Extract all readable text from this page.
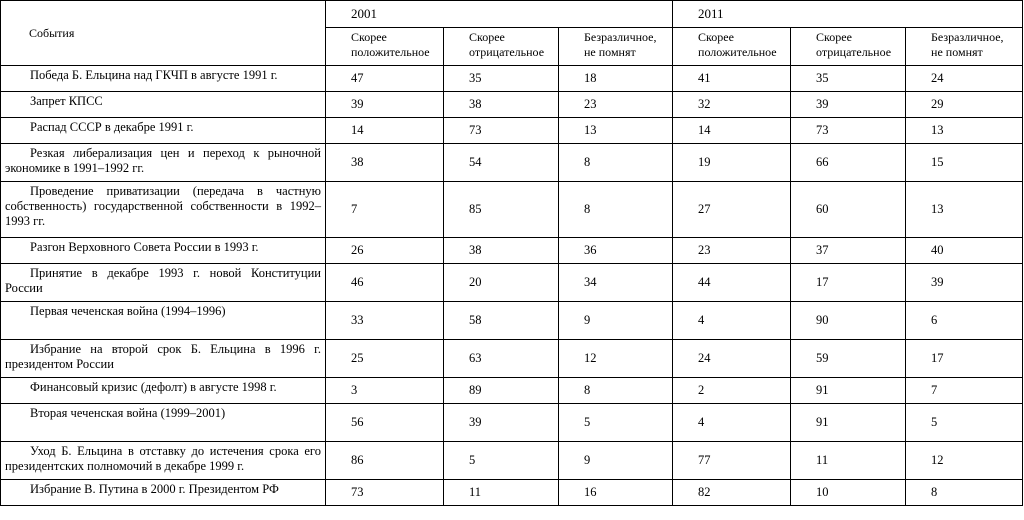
События	2001			2011		
	Скорее положительное	Скорее отрицательное	Безразличное, не помнят	Скорее положительное	Скорее отрицательное	Безразличное, не помнят
Победа Б. Ельцина над ГКЧП в августе 1991 г.	47	35	18	41	35	24
Запрет КПСС	39	38	23	32	39	29
Распад СССР в декабре 1991 г.	14	73	13	14	73	13
Резкая либерализация цен и переход к рыночной экономике в 1991–1992 гг.	38	54	8	19	66	15
Проведение приватизации (передача в частную собственность) государственной собственности в 1992–1993 гг.	7	85	8	27	60	13
Разгон Верховного Совета России в 1993 г.	26	38	36	23	37	40
Принятие в декабре 1993 г. новой Конституции России	46	20	34	44	17	39
Первая чеченская война (1994–1996)	33	58	9	4	90	6
Избрание на второй срок Б. Ельцина в 1996 г. президентом России	25	63	12	24	59	17
Финансовый кризис (дефолт) в августе 1998 г.	3	89	8	2	91	7
Вторая чеченская война (1999–2001)	56	39	5	4	91	5
Уход Б. Ельцина в отставку до истечения срока его президентских полномочий в декабре 1999 г.	86	5	9	77	11	12
Избрание В. Путина в 2000 г. Президентом РФ	73	11	16	82	10	8
